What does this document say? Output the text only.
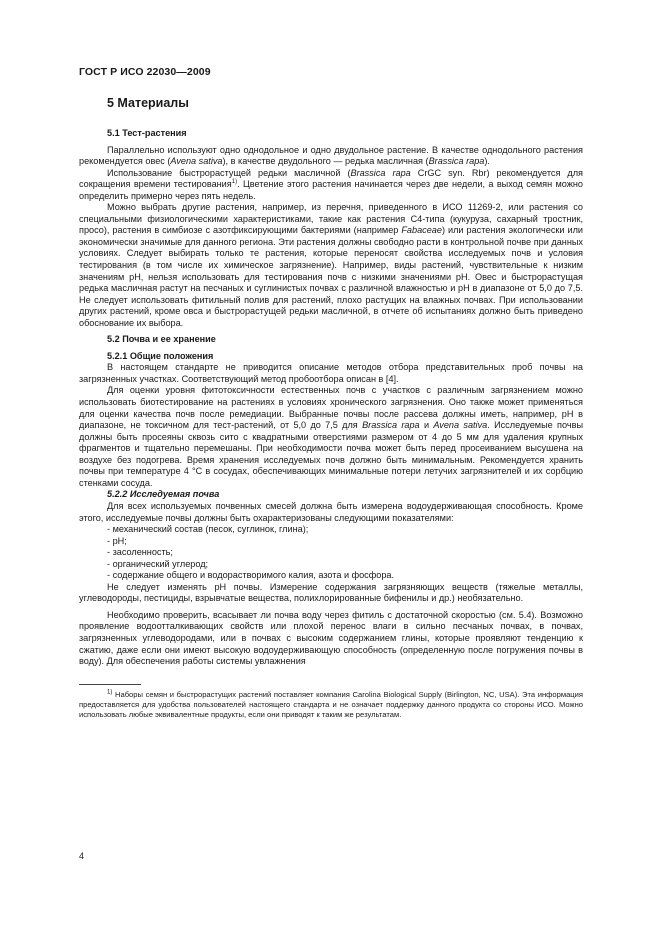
ГОСТ Р ИСО 22030—2009
5 Материалы
5.1 Тест-растения

Параллельно используют одно однодольное и одно двудольное растение. В качестве однодольного растения рекомендуется овес (Avena sativa), в качестве двудольного — редька масличная (Brassica rapa).

Использование быстрорастущей редьки масличной (Brassica rapa CrGC syn. Rbr) рекомендуется для сокращения времени тестирования$^{1)}$. Цветение этого растения начинается через две недели, а выход семян можно определить примерно через пять недель.

Можно выбрать другие растения, например, из перечня, приведенного в ИСО 11269-2, или растения со специальными физиологическими характеристиками, такие как растения С4-типа (кукуруза, сахарный тростник, просо), растения в симбиозе с азотфиксирующими бактериями (например Fabaceae) или растения экологически или экономически значимые для данного региона. Эти растения должны свободно расти в контрольной почве при данных условиях. Следует выбирать только те растения, которые переносят свойства исследуемых почв и условия тестирования (в том числе их химическое загрязнение). Например, виды растений, чувствительные к низким значениям рН, нельзя использовать для тестирования почв с низкими значениями рН. Овес и быстрорастущая редька масличная растут на песчаных и суглинистых почвах с различной влажностью и рН в диапазоне от 5,0 до 7,5. Не следует использовать фитильный полив для растений, плохо растущих на влажных почвах. При использовании других растений, кроме овса и быстрорастущей редьки масличной, в отчете об испытаниях должно быть приведено обоснование их выбора.

5.2 Почва и ее хранение
5.2.1 Общие положения

В настоящем стандарте не приводится описание методов отбора представительных проб почвы на загрязненных участках. Соответствующий метод пробоотбора описан в [4].

Для оценки уровня фитотоксичности естественных почв с участков с различным загрязнением можно использовать биотестирование на растениях в условиях хронического загрязнения. Оно также может применяться для оценки качества почв после ремедиации. Выбранные почвы после рассева должны иметь, например, рН в диапазоне, не токсичном для тест-растений, от 5,0 до 7,5 для Brassica rapa и Avena sativa. Исследуемые почвы должны быть просеяны сквозь сито с квадратными отверстиями размером от 4 до 5 мм для удаления крупных фрагментов и тщательно перемешаны. При необходимости почва может быть перед просеиванием высушена на воздухе без подогрева. Время хранения исследуемых почв должно быть минимальным. Рекомендуется хранить почвы при температуре 4 °С в сосудах, обеспечивающих минимальные потери летучих загрязнителей и их сорбцию стенками сосуда.

5.2.2 Исследуемая почва

Для всех используемых почвенных смесей должна быть измерена водоудерживающая способность. Кроме этого, исследуемые почвы должны быть охарактеризованы следующими показателями:

- механический состав (песок, суглинок, глина);
- рН;
- засоленность;
- органический углерод;
- содержание общего и водорастворимого калия, азота и фосфора.

Не следует изменять рН почвы. Измерение содержания загрязняющих веществ (тяжелые металлы, углеводороды, пестициды, взрывчатые вещества, полихлорированные бифенилы и др.) необязательно.

Необходимо проверить, всасывает ли почва воду через фитиль с достаточной скоростью (см. 5.4). Возможно проявление водоотталкивающих свойств или плохой перенос влаги в сильно песчаных почвах, в почвах, загрязненных углеводородами, или в почвах с высоким содержанием глины, которые проявляют тенденцию к сжатию, даже если они имеют высокую водоудерживающую способность (определенную после погружения почвы в воду). Для обеспечения работы системы увлажнения

$^{1)}$ Наборы семян и быстрорастущих растений поставляет компания Carolina Biological Supply (Birlington, NC, USA). Эта информация предоставляется для удобства пользователей настоящего стандарта и не означает поддержку данного продукта со стороны ИСО. Можно использовать любые эквивалентные продукты, если они приводят к таким же результатам.

4
